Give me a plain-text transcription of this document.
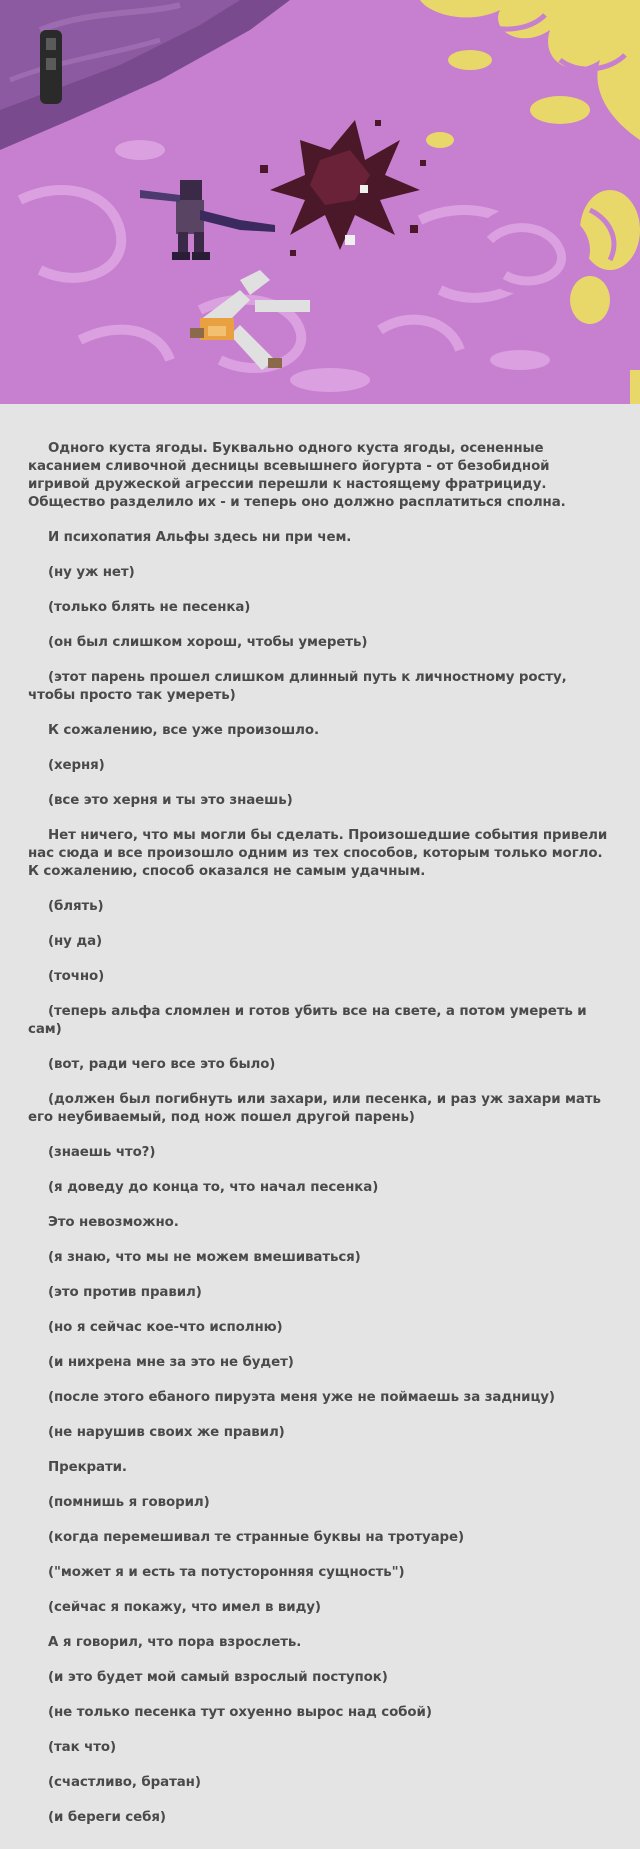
Одного куста ягоды. Буквально одного куста ягоды, осененные касанием сливочной десницы всевышнего йогурта - от безобидной игривой дружеской агрессии перешли к настоящему фратрициду. Общество разделило их - и теперь оно должно расплатиться сполна.

И психопатия Альфы здесь ни при чем.

(ну уж нет)

(только блять не песенка)

(он был слишком хорош, чтобы умереть)

(этот парень прошел слишком длинный путь к личностному росту, чтобы просто так умереть)

К сожалению, все уже произошло.

(херня)

(все это херня и ты это знаешь)

Нет ничего, что мы могли бы сделать. Произошедшие события привели нас сюда и все произошло одним из тех способов, которым только могло. К сожалению, способ оказался не самым удачным.

(блять)

(ну да)

(точно)

(теперь альфа сломлен и готов убить все на свете, а потом умереть и сам)

(вот, ради чего все это было)

(должен был погибнуть или захари, или песенка, и раз уж захари мать его неубиваемый, под нож пошел другой парень)

(знаешь что?)

(я доведу до конца то, что начал песенка)

Это невозможно.

(я знаю, что мы не можем вмешиваться)

(это против правил)

(но я сейчас кое-что исполню)

(и нихрена мне за это не будет)

(после этого ебаного пируэта меня уже не поймаешь за задницу)

(не нарушив своих же правил)

Прекрати.

(помнишь я говорил)

(когда перемешивал те странные буквы на тротуаре)

("может я и есть та потусторонняя сущность")

(сейчас я покажу, что имел в виду)

А я говорил, что пора взрослеть.

(и это будет мой самый взрослый поступок)

(не только песенка тут охуенно вырос над собой)

(так что)

(счастливо, братан)

(и береги себя)
